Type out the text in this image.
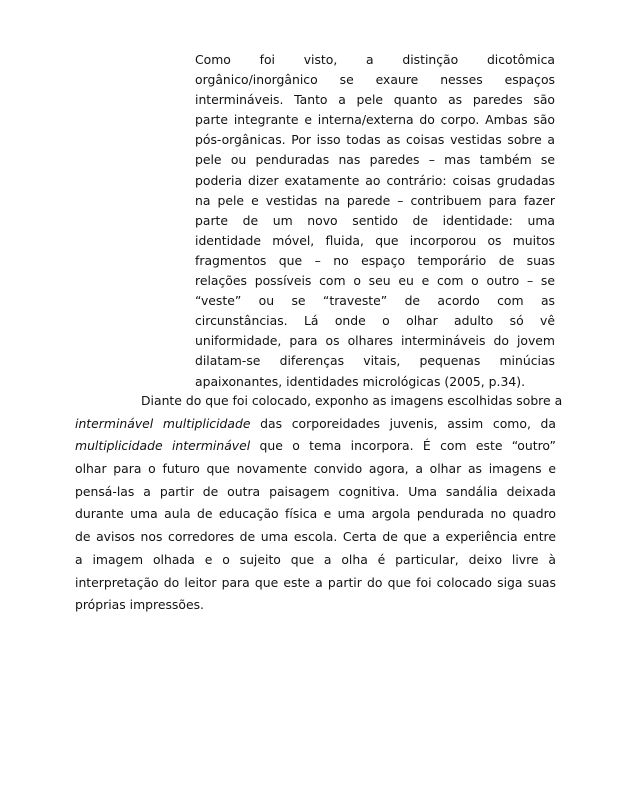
Como foi visto, a distinção dicotômica
orgânico/inorgânico se exaure nesses espaços
intermináveis. Tanto a pele quanto as paredes são
parte integrante e interna/externa do corpo. Ambas são
pós-orgânicas. Por isso todas as coisas vestidas sobre a
pele ou penduradas nas paredes – mas também se
poderia dizer exatamente ao contrário: coisas grudadas
na pele e vestidas na parede – contribuem para fazer
parte de um novo sentido de identidade: uma
identidade móvel, fluida, que incorporou os muitos
fragmentos que – no espaço temporário de suas
relações possíveis com o seu eu e com o outro – se
“veste” ou se “traveste” de acordo com as
circunstâncias. Lá onde o olhar adulto só vê
uniformidade, para os olhares intermináveis do jovem
dilatam-se diferenças vitais, pequenas minúcias
apaixonantes, identidades micrológicas (2005, p.34).
Diante do que foi colocado, exponho as imagens escolhidas sobre a
interminável multiplicidade das corporeidades juvenis, assim como, da
multiplicidade interminável que o tema incorpora. É com este “outro”
olhar para o futuro que novamente convido agora, a olhar as imagens e
pensá-las a partir de outra paisagem cognitiva. Uma sandália deixada
durante uma aula de educação física e uma argola pendurada no quadro
de avisos nos corredores de uma escola. Certa de que a experiência entre
a imagem olhada e o sujeito que a olha é particular, deixo livre à
interpretação do leitor para que este a partir do que foi colocado siga suas
próprias impressões.
